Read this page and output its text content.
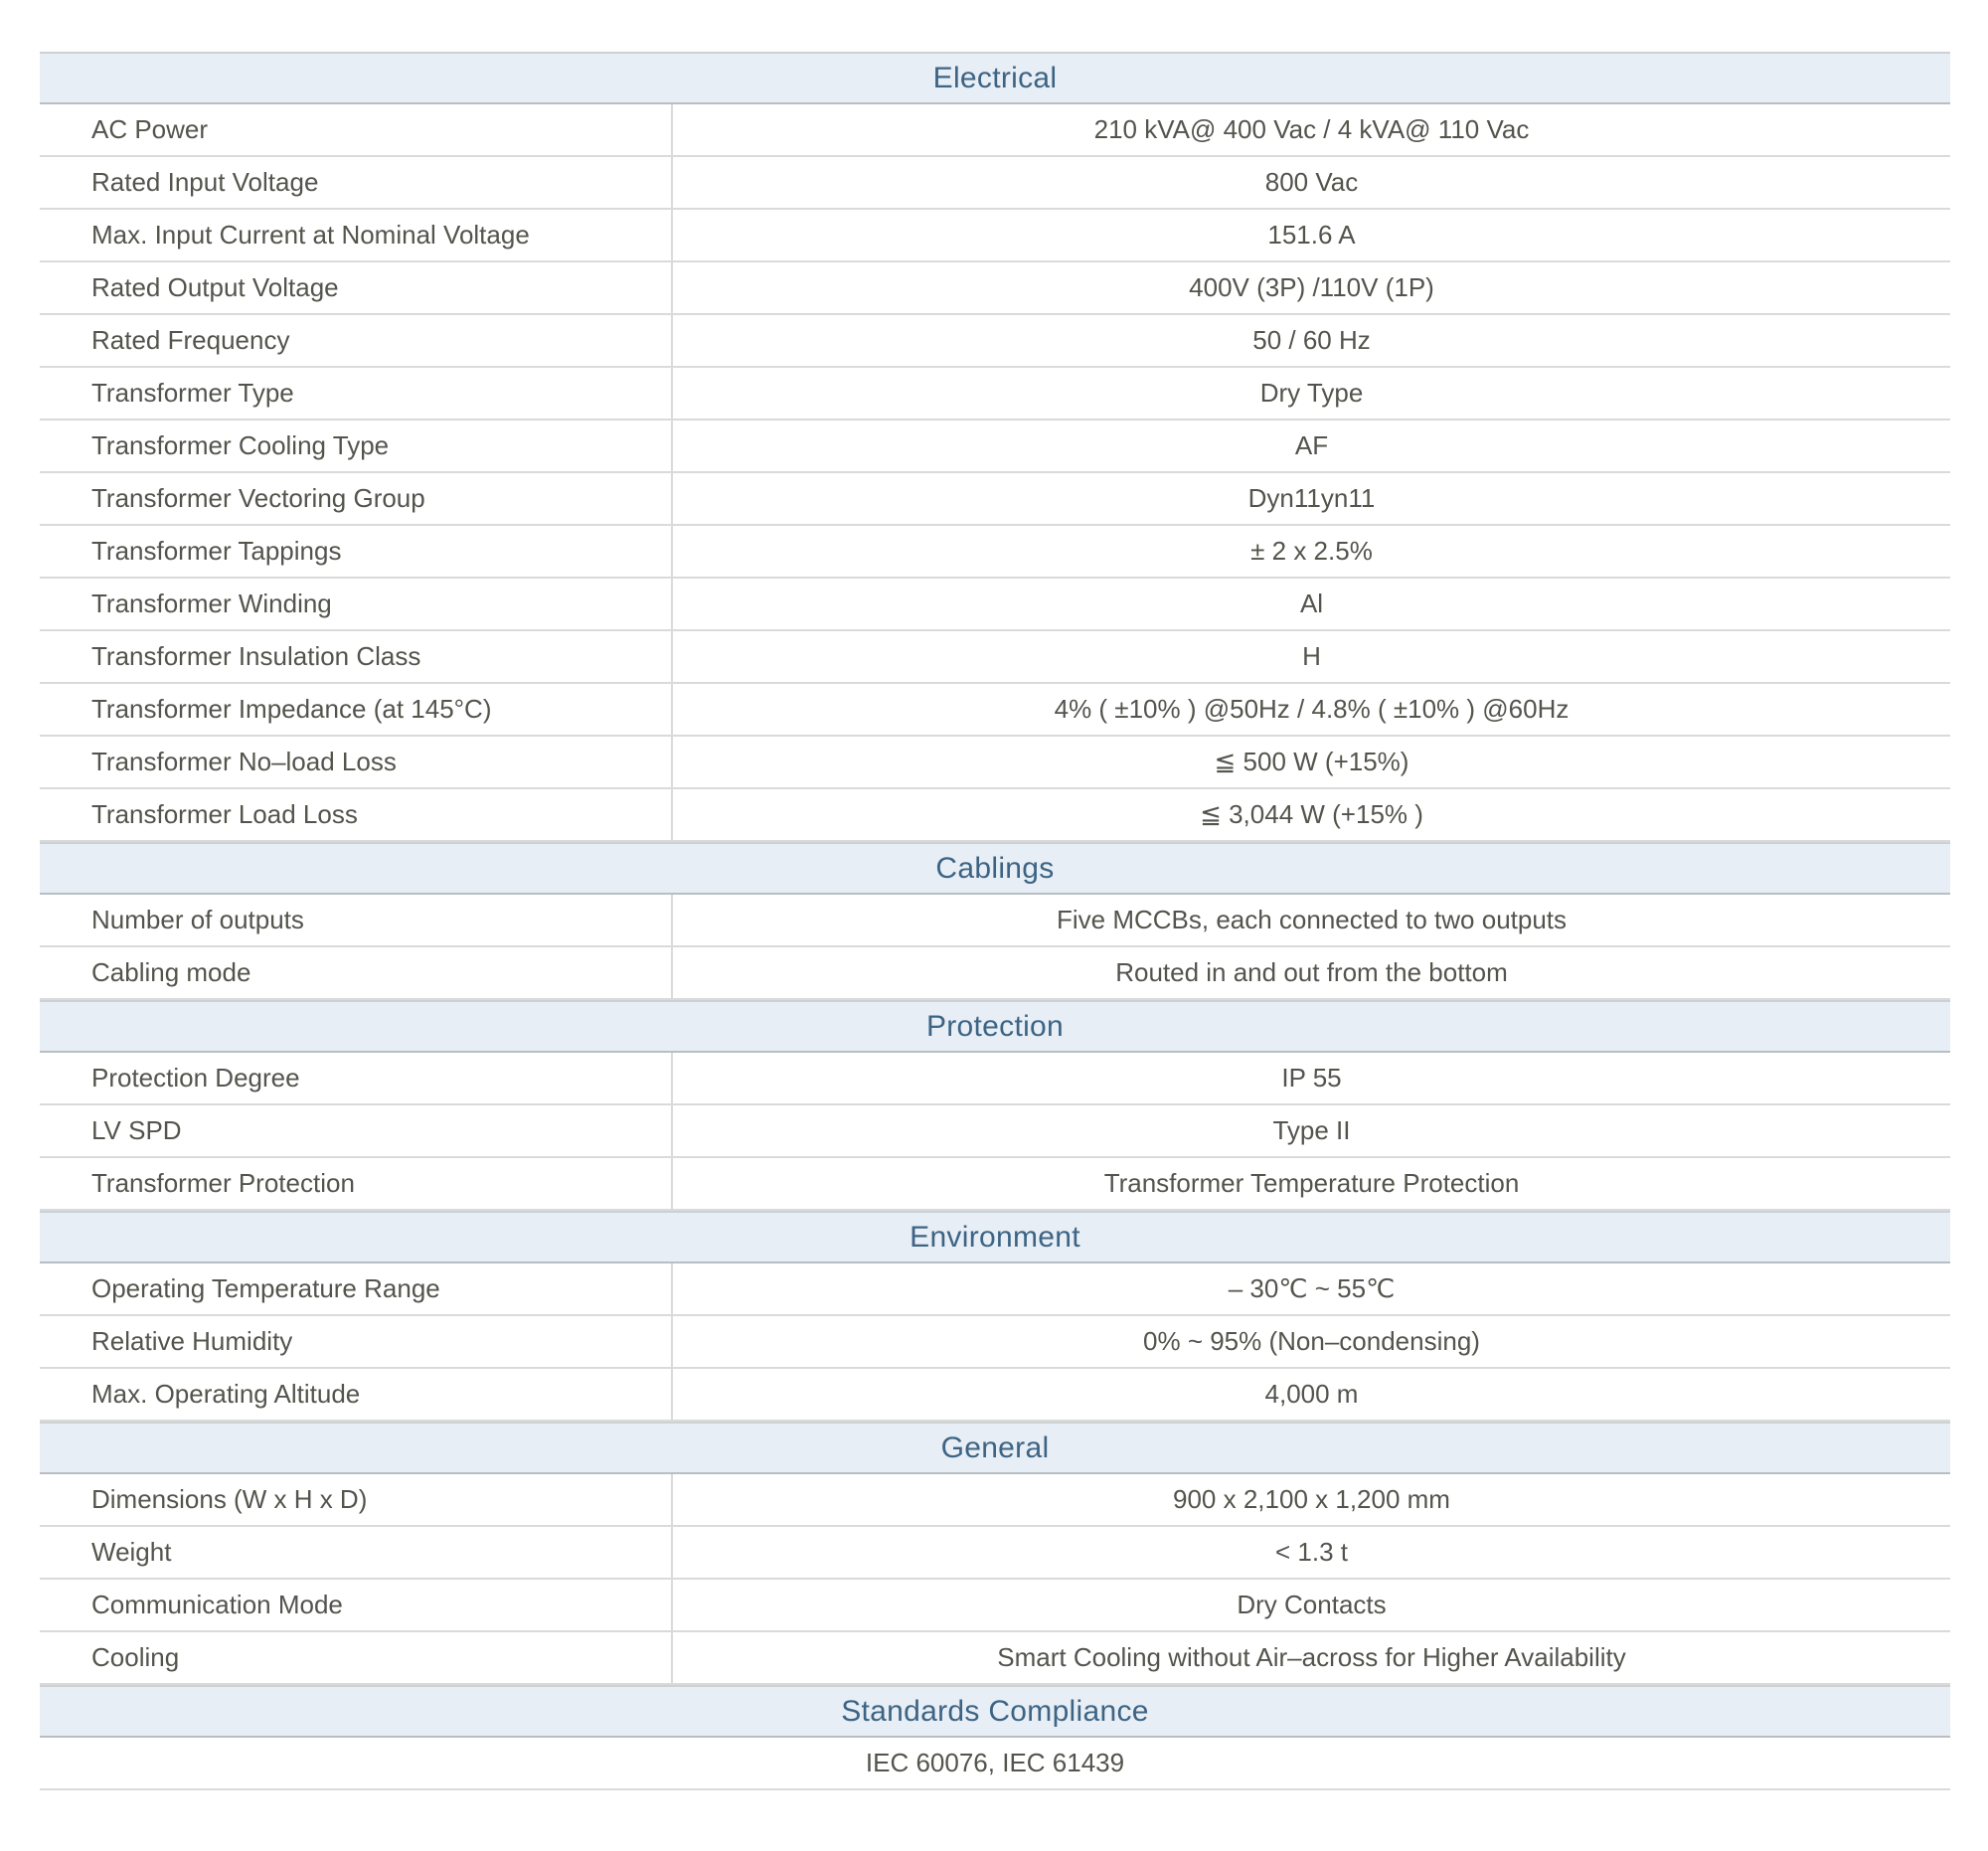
Electrical
AC Power	210 kVA@ 400 Vac / 4 kVA@ 110 Vac
Rated Input Voltage	800 Vac
Max. Input Current at Nominal Voltage	151.6 A
Rated Output Voltage	400V (3P) /110V (1P)
Rated Frequency	50 / 60 Hz
Transformer Type	Dry Type
Transformer Cooling Type	AF
Transformer Vectoring Group	Dyn11yn11
Transformer Tappings	± 2 x 2.5%
Transformer Winding	Al
Transformer Insulation Class	H
Transformer Impedance (at 145°C)	4% ( ±10% ) @50Hz / 4.8% ( ±10% ) @60Hz
Transformer No–load Loss	≦ 500 W (+15%)
Transformer Load Loss	≦ 3,044 W (+15% )
Cablings
Number of outputs	Five MCCBs, each connected to two outputs
Cabling mode	Routed in and out from the bottom
Protection
Protection Degree	IP 55
LV SPD	Type II
Transformer Protection	Transformer Temperature Protection
Environment
Operating Temperature Range	– 30℃ ~ 55℃
Relative Humidity	0% ~ 95% (Non–condensing)
Max. Operating Altitude	4,000 m
General
Dimensions (W x H x D)	900 x 2,100 x 1,200 mm
Weight	< 1.3 t
Communication Mode	Dry Contacts
Cooling	Smart Cooling without Air–across for Higher Availability
Standards Compliance
IEC 60076, IEC 61439
